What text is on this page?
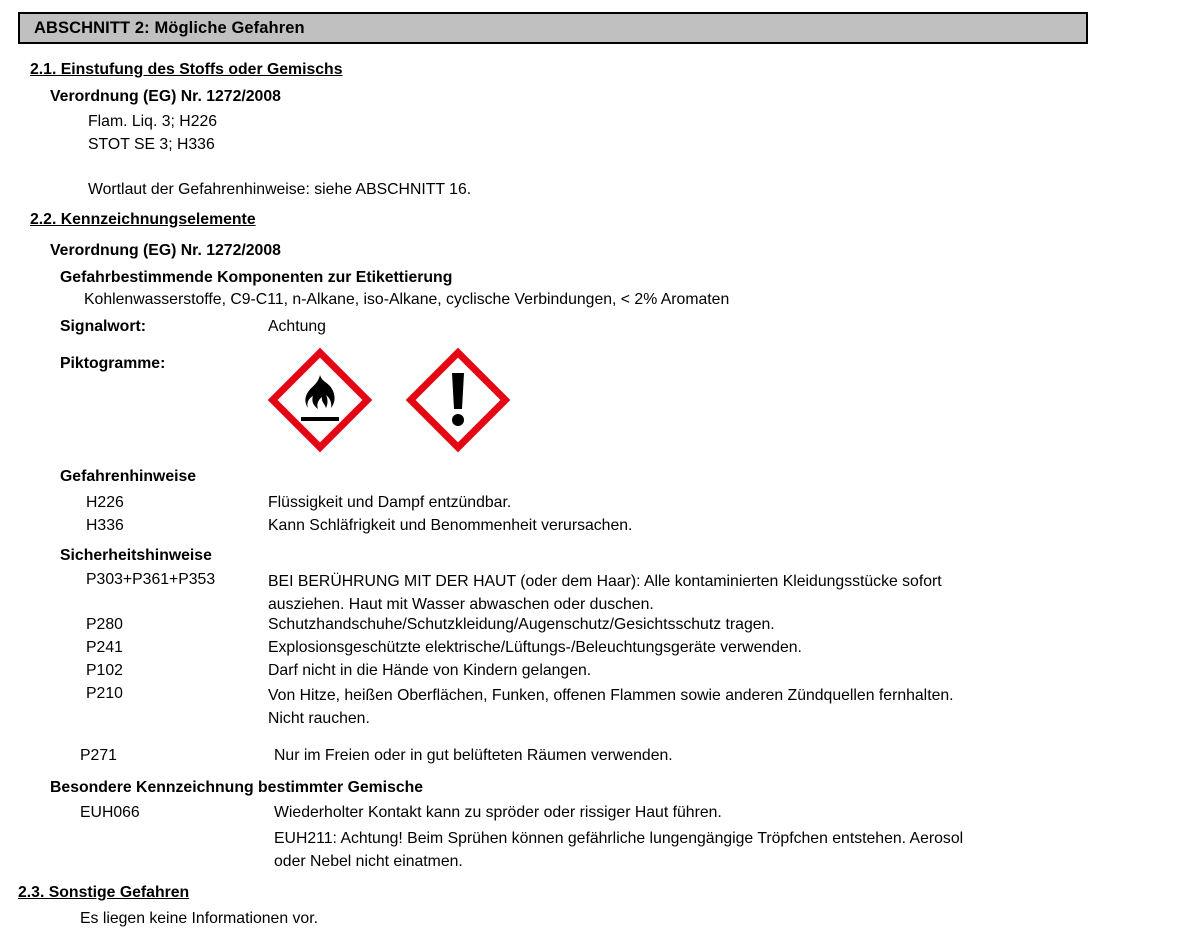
ABSCHNITT 2: Mögliche Gefahren
2.1. Einstufung des Stoffs oder Gemischs
Verordnung (EG) Nr. 1272/2008
Flam. Liq. 3; H226
STOT SE 3; H336
Wortlaut der Gefahrenhinweise: siehe ABSCHNITT 16.
2.2. Kennzeichnungselemente
Verordnung (EG) Nr. 1272/2008
Gefahrbestimmende Komponenten zur Etikettierung
Kohlenwasserstoffe, C9-C11, n-Alkane, iso-Alkane, cyclische Verbindungen, < 2% Aromaten
Signalwort:	Achtung
Piktogramme:
Gefahrenhinweise
H226	Flüssigkeit und Dampf entzündbar.
H336	Kann Schläfrigkeit und Benommenheit verursachen.
Sicherheitshinweise
P303+P361+P353	BEI BERÜHRUNG MIT DER HAUT (oder dem Haar): Alle kontaminierten Kleidungsstücke sofort ausziehen. Haut mit Wasser abwaschen oder duschen.
P280	Schutzhandschuhe/Schutzkleidung/Augenschutz/Gesichtsschutz tragen.
P241	Explosionsgeschützte elektrische/Lüftungs-/Beleuchtungsgeräte verwenden.
P102	Darf nicht in die Hände von Kindern gelangen.
P210	Von Hitze, heißen Oberflächen, Funken, offenen Flammen sowie anderen Zündquellen fernhalten. Nicht rauchen.
P271	Nur im Freien oder in gut belüfteten Räumen verwenden.
Besondere Kennzeichnung bestimmter Gemische
EUH066	Wiederholter Kontakt kann zu spröder oder rissiger Haut führen.
EUH211: Achtung! Beim Sprühen können gefährliche lungengängige Tröpfchen entstehen. Aerosol oder Nebel nicht einatmen.
2.3. Sonstige Gefahren
Es liegen keine Informationen vor.
